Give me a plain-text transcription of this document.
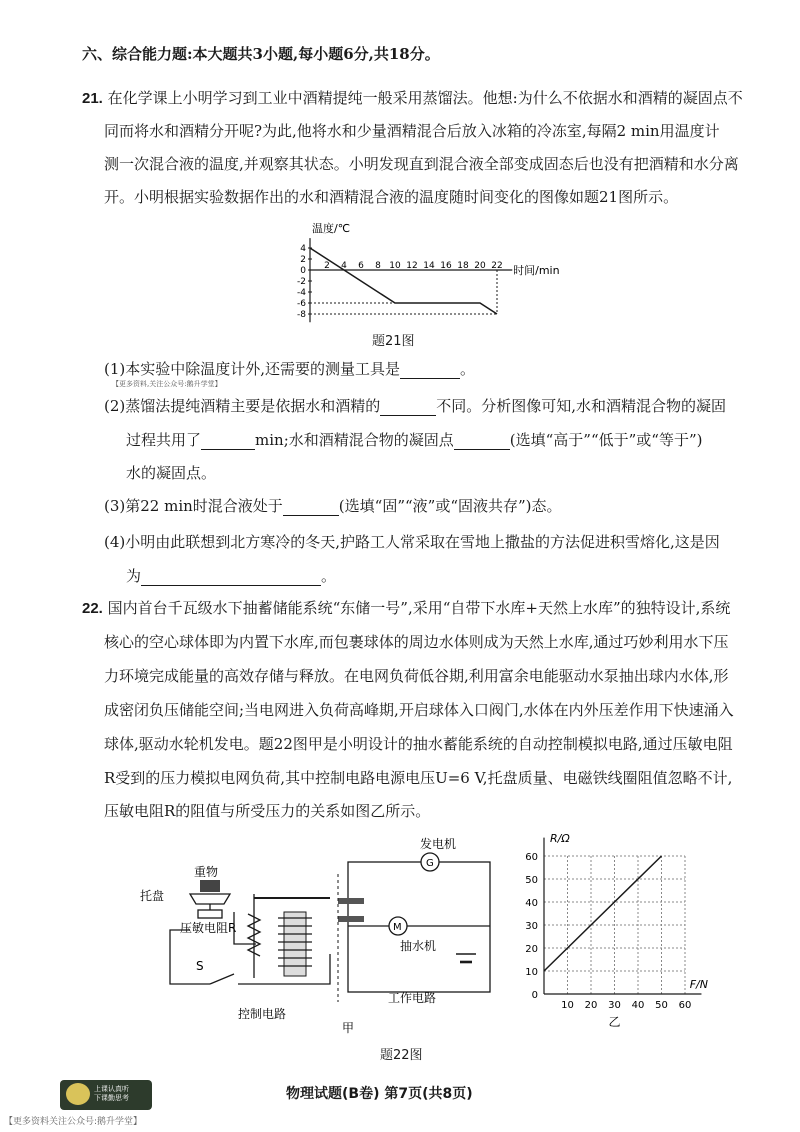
六、综合能力题:本大题共3小题,每小题6分,共18分。
21. 在化学课上小明学习到工业中酒精提纯一般采用蒸馏法。他想:为什么不依据水和酒精的凝固点不
同而将水和酒精分开呢?为此,他将水和少量酒精混合后放入冰箱的冷冻室,每隔2 min用温度计
测一次混合液的温度,并观察其状态。小明发现直到混合液全部变成固态后也没有把酒精和水分离
开。小明根据实验数据作出的水和酒精混合液的温度随时间变化的图像如题21图所示。
温度/℃
时间/min
4
2
0
-2
-4
-6
-8
2 4 6 8 10 12 14 16 18 20 22
题21图
(1)本实验中除温度计外,还需要的测量工具是	。
【更多资料,关注公众号:鹅升学堂】
(2)蒸馏法提纯酒精主要是依据水和酒精的	不同。分析图像可知,水和酒精混合物的凝固
过程共用了	min;水和酒精混合物的凝固点	(选填“高于”“低于”或“等于”)
水的凝固点。
(3)第22 min时混合液处于	(选填“固”“液”或“固液共存”)态。
(4)小明由此联想到北方寒冷的冬天,护路工人常采取在雪地上撒盐的方法促进积雪熔化,这是因
为	。
22. 国内首台千瓦级水下抽蓄储能系统“东储一号”,采用“自带下水库+天然上水库”的独特设计,系统
核心的空心球体即为内置下水库,而包裹球体的周边水体则成为天然上水库,通过巧妙利用水下压
力环境完成能量的高效存储与释放。在电网负荷低谷期,利用富余电能驱动水泵抽出球内水体,形
成密闭负压储能空间;当电网进入负荷高峰期,开启球体入口阀门,水体在内外压差作用下快速涌入
球体,驱动水轮机发电。题22图甲是小明设计的抽水蓄能系统的自动控制模拟电路,通过压敏电阻
R受到的压力模拟电网负荷,其中控制电路电源电压U=6 V,托盘质量、电磁铁线圈阻值忽略不计,
压敏电阻R的阻值与所受压力的关系如图乙所示。
发电机
重物
托盘
压敏电阻R
S
抽水机
控制电路
工作电路
甲
G
M
R/Ω
F/N
0
60
50
40
30
20
10
10 20 30 40 50 60
乙
题22图
上课认真听
下课勤思考	物理试题(B卷) 第7页(共8页)
【更多资料关注公众号:鹅升学堂】
